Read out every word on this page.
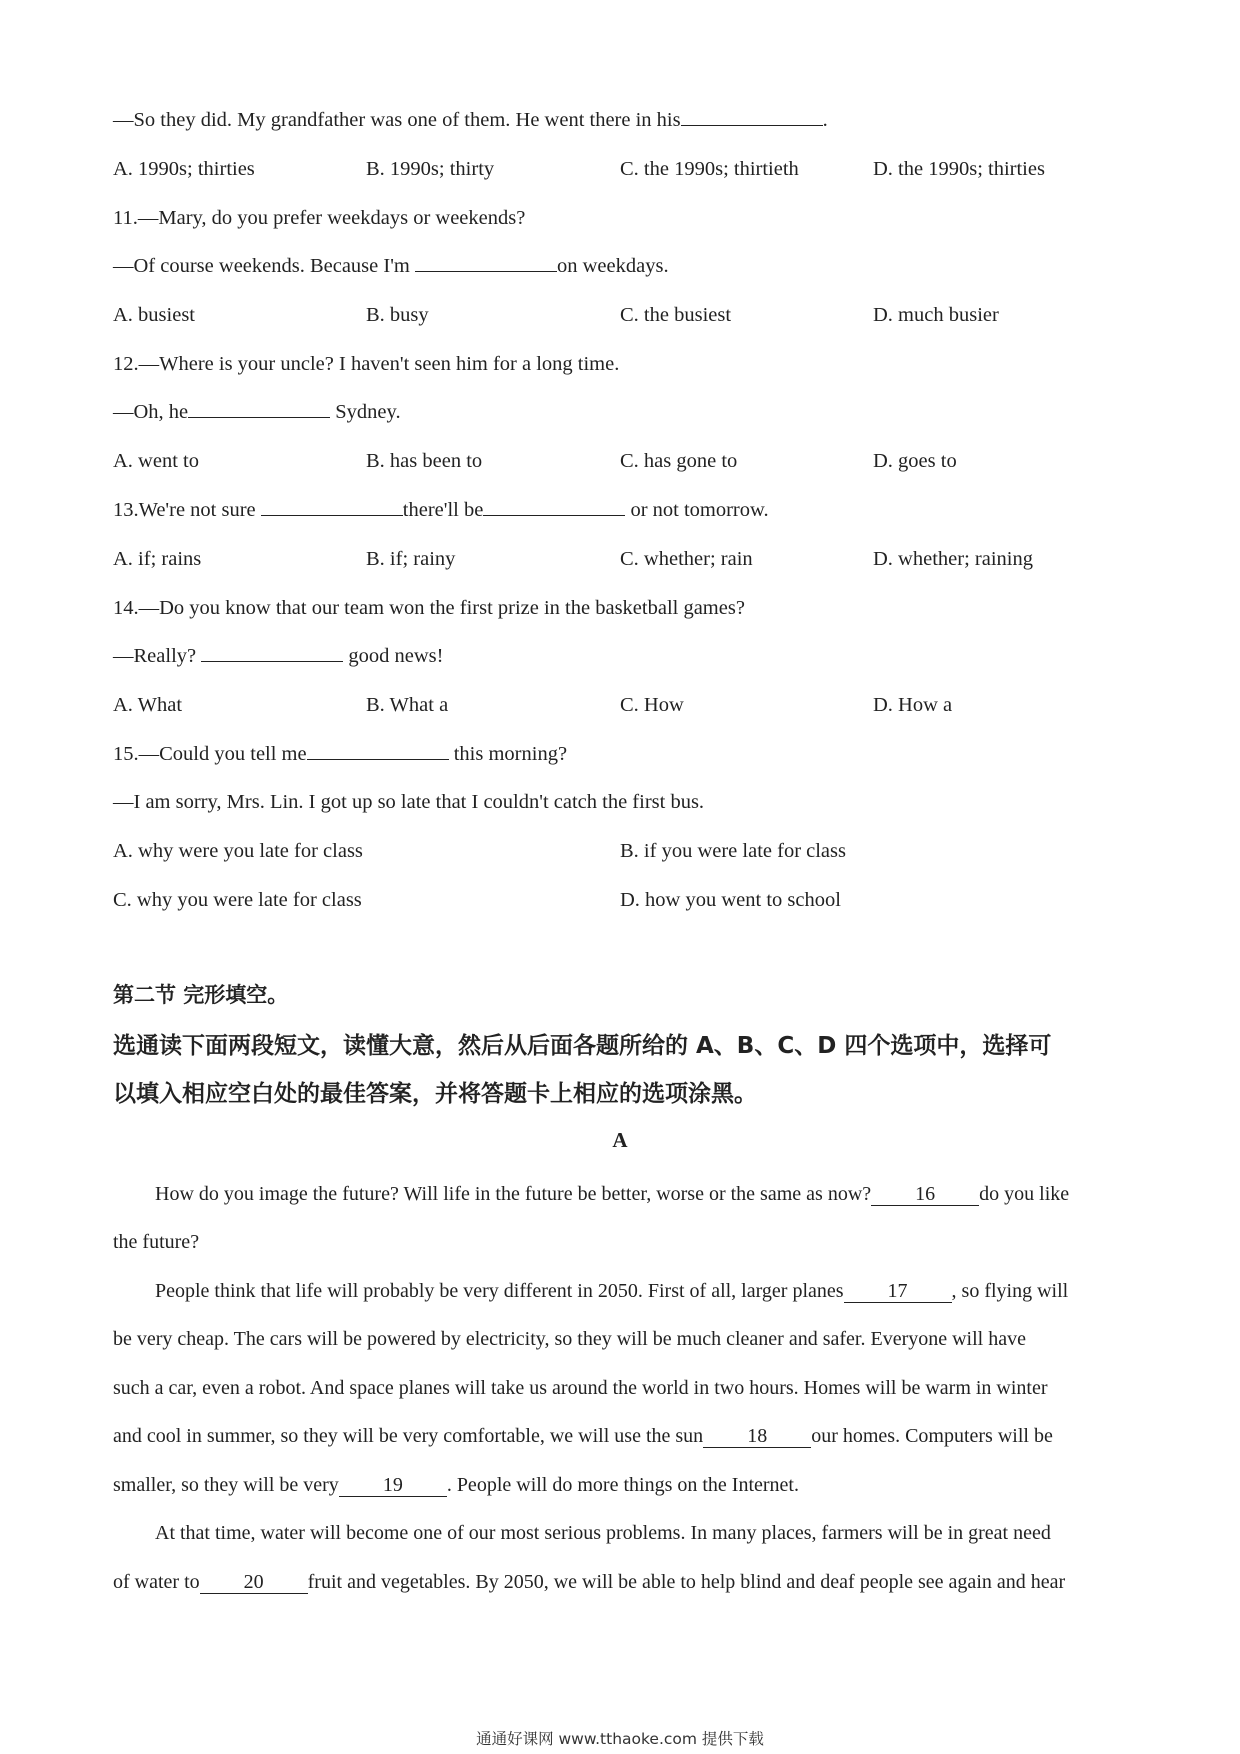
—So they did. My grandfather was one of them. He went there in his	.
A. 1990s; thirties	B. 1990s; thirty	C. the 1990s; thirtieth	D. the 1990s; thirties
11.—Mary, do you prefer weekdays or weekends?
—Of course weekends. Because I'm	on weekdays.
A. busiest	B. busy	C. the busiest	D. much busier
12.—Where is your uncle? I haven't seen him for a long time.
—Oh, he	Sydney.
A. went to	B. has been to	C. has gone to	D. goes to
13.We're not sure	there'll be	or not tomorrow.
A. if; rains	B. if; rainy	C. whether; rain	D. whether; raining
14.—Do you know that our team won the first prize in the basketball games?
—Really?	good news!
A. What	B. What a	C. How	D. How a
15.—Could you tell me	this morning?
—I am sorry, Mrs. Lin. I got up so late that I couldn't catch the first bus.
A. why were you late for class	B. if you were late for class
C. why you were late for class	D. how you went to school
第二节 完形填空。
选通读下面两段短文，读懂大意，然后从后面各题所给的 A、B、C、D 四个选项中，选择可
以填入相应空白处的最佳答案，并将答题卡上相应的选项涂黑。
A
How do you image the future? Will life in the future be better, worse or the same as now? 16 do you like
the future?
People think that life will probably be very different in 2050. First of all, larger planes 17 , so flying will
be very cheap. The cars will be powered by electricity, so they will be much cleaner and safer. Everyone will have
such a car, even a robot. And space planes will take us around the world in two hours. Homes will be warm in winter
and cool in summer, so they will be very comfortable, we will use the sun 18 our homes. Computers will be
smaller, so they will be very 19 . People will do more things on the Internet.
At that time, water will become one of our most serious problems. In many places, farmers will be in great need
of water to 20 fruit and vegetables. By 2050, we will be able to help blind and deaf people see again and hear
通通好课网 www.tthaoke.com 提供下载
